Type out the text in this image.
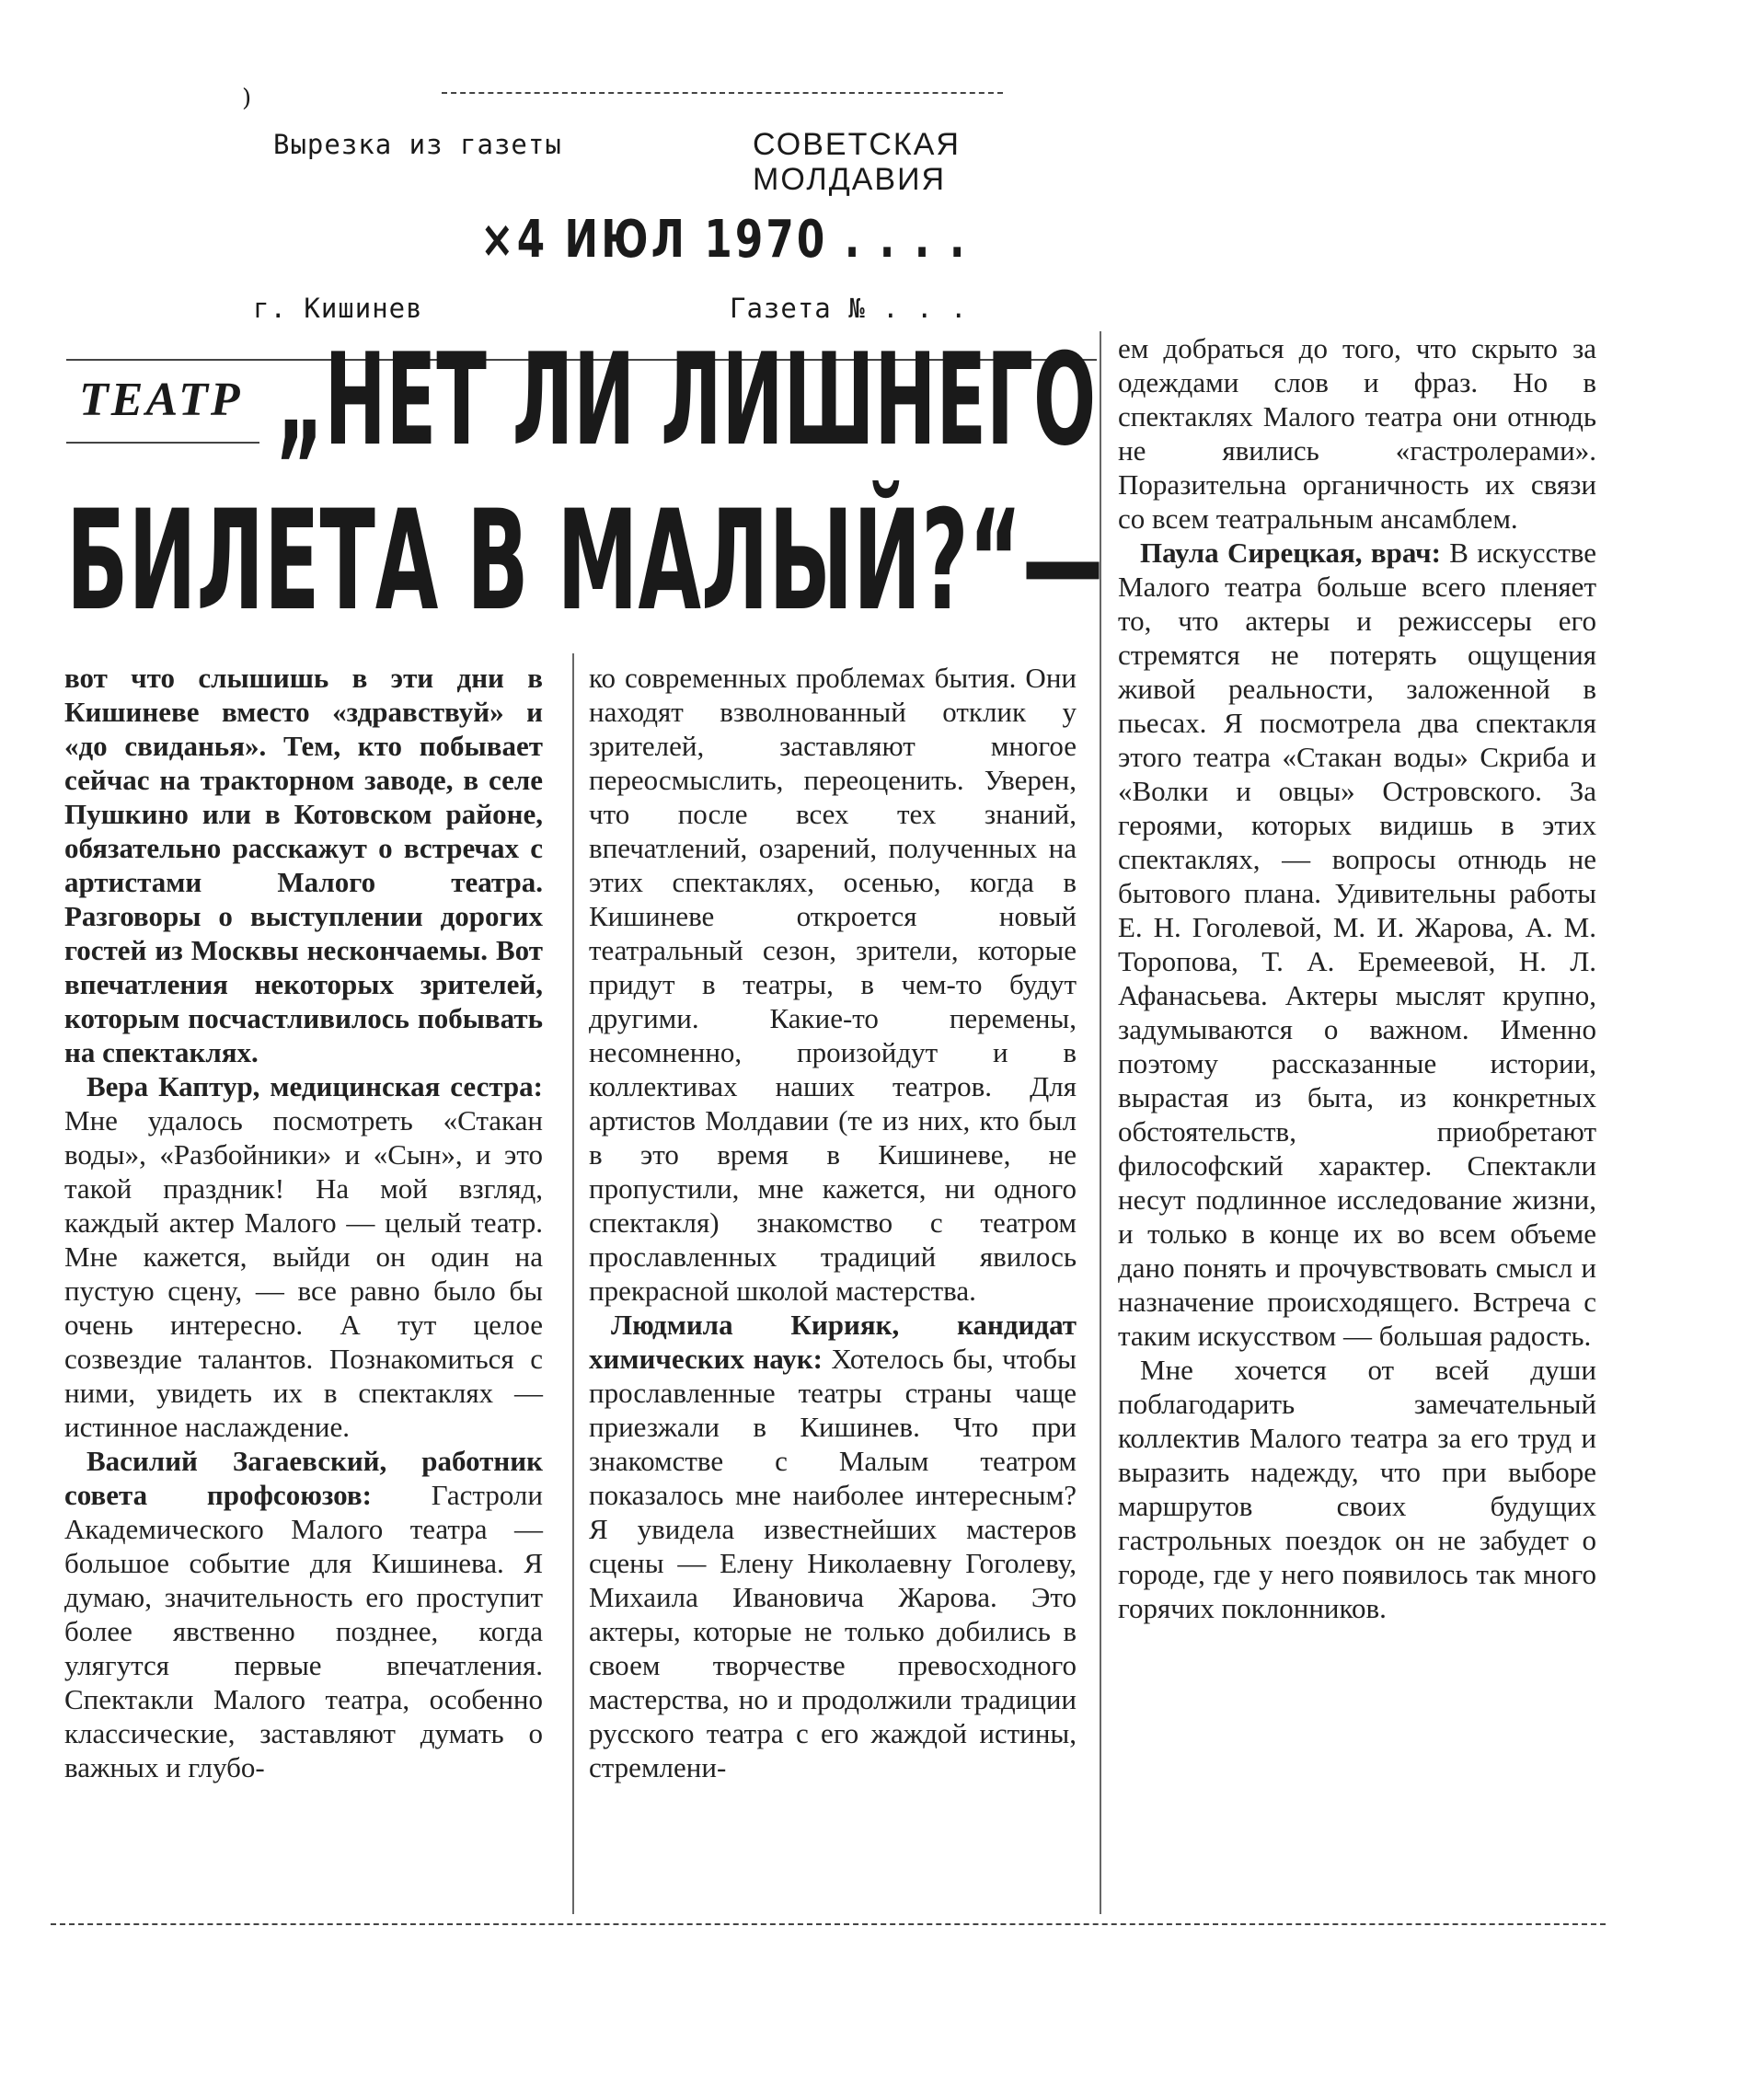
)
Вырезка из газеты	СОВЕТСКАЯ МОЛДАВИЯ
×4 ИЮЛ 1970 . . . .
г. Кишинев	Газета № . . .
ТЕАТР „НЕТ ЛИ ЛИШНЕГО
БИЛЕТА В МАЛЫЙ?“—

вот что слышишь в эти дни в Кишиневе вместо «здравствуй» и «до свиданья». Тем, кто побывает сейчас на тракторном заводе, в селе Пушкино или в Котовском районе, обязательно расскажут о встречах с артистами Малого театра. Разговоры о выступлении дорогих гостей из Москвы нескончаемы. Вот впечатления некоторых зрителей, которым посчастливилось побывать на спектаклях.

Вера Каптур, медицинская сестра: Мне удалось посмотреть «Стакан воды», «Разбойники» и «Сын», и это такой праздник! На мой взгляд, каждый актер Малого — целый театр. Мне кажется, выйди он один на пустую сцену, — все равно было бы очень интересно. А тут целое созвездие талантов. Познакомиться с ними, увидеть их в спектаклях — истинное наслаждение.

Василий Загаевский, работник совета профсоюзов: Гастроли Академического Малого театра — большое событие для Кишинева. Я думаю, значительность его проступит более явственно позднее, когда улягутся первые впечатления. Спектакли Малого театра, особенно классические, заставляют думать о важных и глубо-

ко современных проблемах бытия. Они находят взволнованный отклик у зрителей, заставляют многое переосмыслить, переоценить. Уверен, что после всех тех знаний, впечатлений, озарений, полученных на этих спектаклях, осенью, когда в Кишиневе откроется новый театральный сезон, зрители, которые придут в театры, в чем-то будут другими. Какие-то перемены, несомненно, произойдут и в коллективах наших театров. Для артистов Молдавии (те из них, кто был в это время в Кишиневе, не пропустили, мне кажется, ни одного спектакля) знакомство с театром прославленных традиций явилось прекрасной школой мастерства.

Людмила Кирияк, кандидат химических наук: Хотелось бы, чтобы прославленные театры страны чаще приезжали в Кишинев. Что при знакомстве с Малым театром показалось мне наиболее интересным? Я увидела известнейших мастеров сцены — Елену Николаевну Гоголеву, Михаила Ивановича Жарова. Это актеры, которые не только добились в своем творчестве превосходного мастерства, но и продолжили традиции русского театра с его жаждой истины, стремлени-

ем добраться до того, что скрыто за одеждами слов и фраз. Но в спектаклях Малого театра они отнюдь не явились «гастролерами». Поразительна органичность их связи со всем театральным ансамблем.

Паула Сирецкая, врач: В искусстве Малого театра больше всего пленяет то, что актеры и режиссеры его стремятся не потерять ощущения живой реальности, заложенной в пьесах. Я посмотрела два спектакля этого театра «Стакан воды» Скриба и «Волки и овцы» Островского. За героями, которых видишь в этих спектаклях, — вопросы отнюдь не бытового плана. Удивительны работы Е. Н. Гоголевой, М. И. Жарова, А. М. Торопова, Т. А. Еремеевой, Н. Л. Афанасьева. Актеры мыслят крупно, задумываются о важном. Именно поэтому рассказанные истории, вырастая из быта, из конкретных обстоятельств, приобретают философский характер. Спектакли несут подлинное исследование жизни, и только в конце их во всем объеме дано понять и прочувствовать смысл и назначение происходящего. Встреча с таким искусством — большая радость.

Мне хочется от всей души поблагодарить замечательный коллектив Малого театра за его труд и выразить надежду, что при выборе маршрутов своих будущих гастрольных поездок он не забудет о городе, где у него появилось так много горячих поклонников.
